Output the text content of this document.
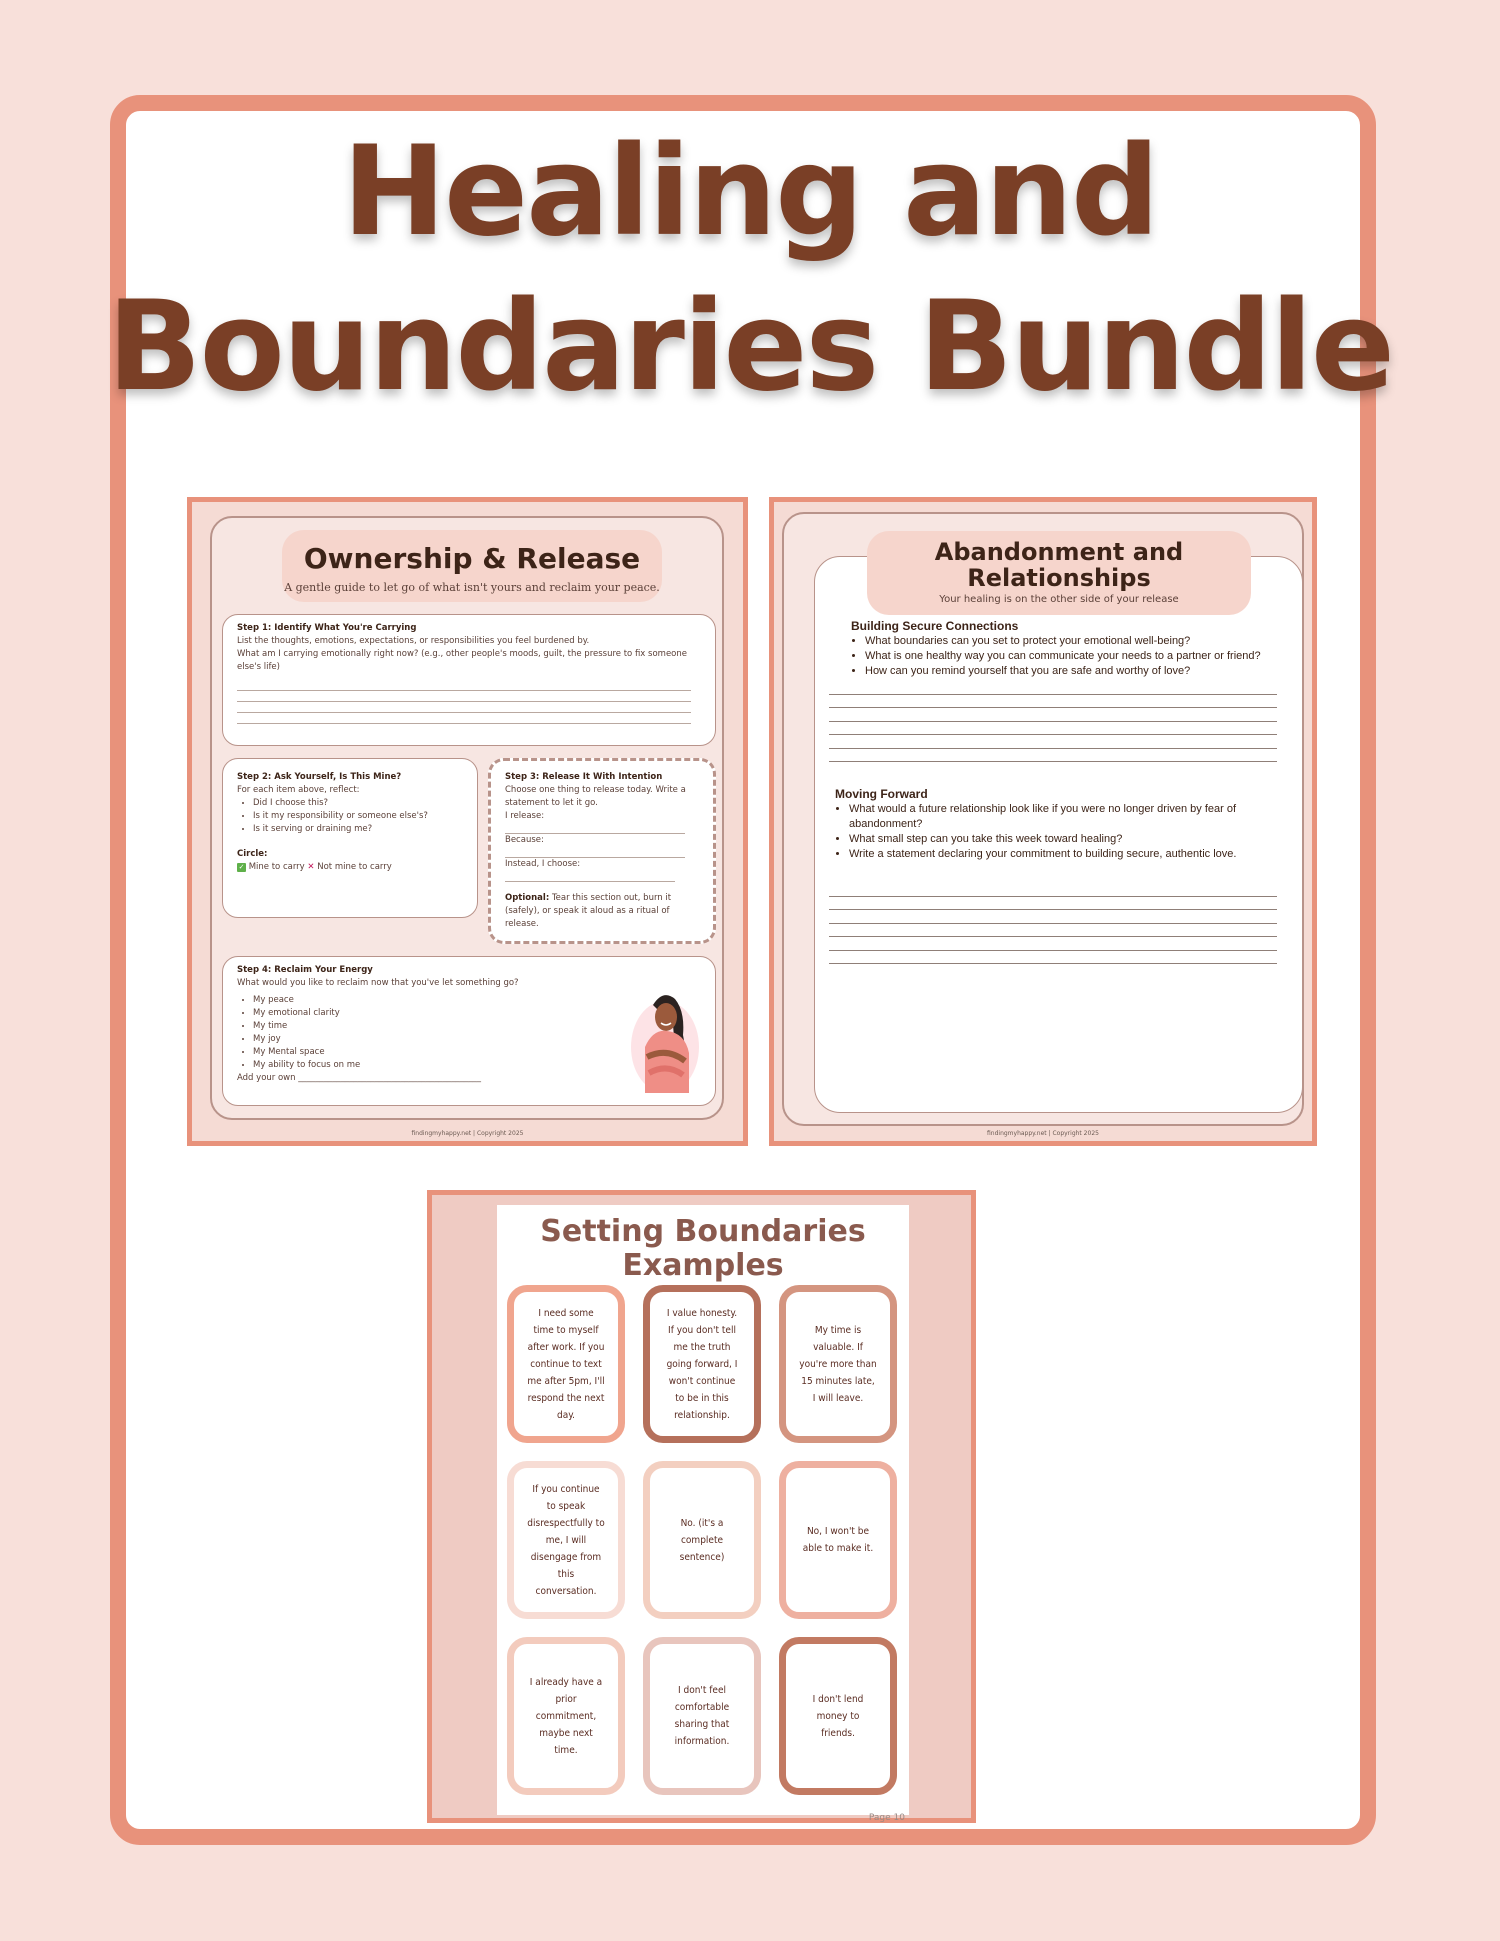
Healing and Boundaries Bundle
Ownership & Release
A gentle guide to let go of what isn't yours and reclaim your peace.
Step 1: Identify What You're Carrying
List the thoughts, emotions, expectations, or responsibilities you feel burdened by.
What am I carrying emotionally right now? (e.g., other people's moods, guilt, the pressure to fix someone else's life)
Step 2: Ask Yourself, Is This Mine?
For each item above, reflect:
• Did I choose this?
• Is it my responsibility or someone else's?
• Is it serving or draining me?
Circle:
✓ Mine to carry ✕ Not mine to carry
Step 3: Release It With Intention
Choose one thing to release today. Write a statement to let it go.
I release:
Because:
Instead, I choose:
Optional: Tear this section out, burn it (safely), or speak it aloud as a ritual of release.
Step 4: Reclaim Your Energy
What would you like to reclaim now that you've let something go?
• My peace
• My emotional clarity
• My time
• My joy
• My Mental space
• My ability to focus on me
Add your own ___________________________________________
findingmyhappy.net | Copyright 2025
Building Secure Connections
• What boundaries can you set to protect your emotional well-being?
• What is one healthy way you can communicate your needs to a partner or friend?
• How can you remind yourself that you are safe and worthy of love?
Moving Forward
• What would a future relationship look like if you were no longer driven by fear of abandonment?
• What small step can you take this week toward healing?
• Write a statement declaring your commitment to building secure, authentic love.
Abandonment and Relationships
Your healing is on the other side of your release
findingmyhappy.net | Copyright 2025
Setting Boundaries Examples
I need some time to myself after work. If you continue to text me after 5pm, I'll respond the next day.
I value honesty. If you don't tell me the truth going forward, I won't continue to be in this relationship.
My time is valuable. If you're more than 15 minutes late, I will leave.
If you continue to speak disrespectfully to me, I will disengage from this conversation.
No. (it's a complete sentence)
No, I won't be able to make it.
I already have a prior commitment, maybe next time.
I don't feel comfortable sharing that information.
I don't lend money to friends.
Page 10
